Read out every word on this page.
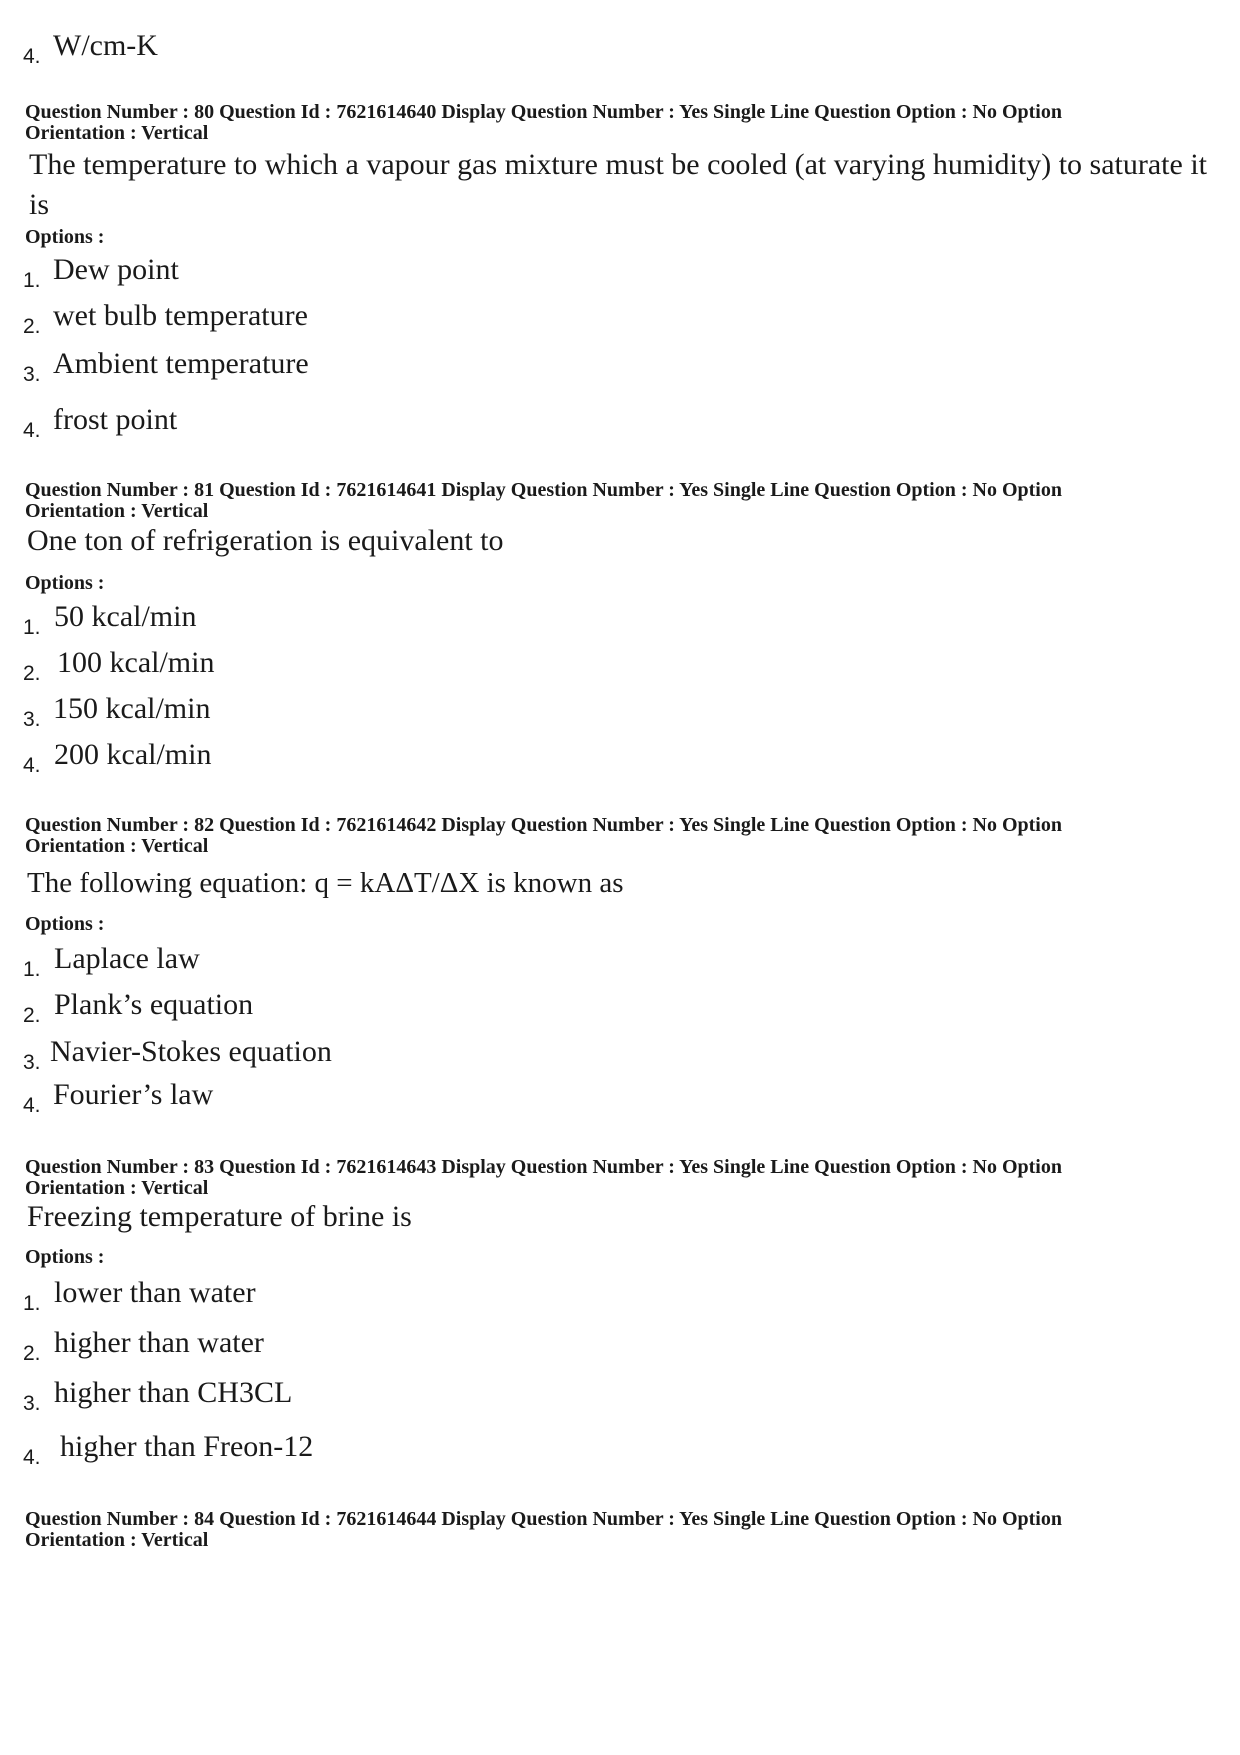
4. W/cm-K
Question Number : 80 Question Id : 7621614640 Display Question Number : Yes Single Line Question Option : No Option
Orientation : Vertical
The temperature to which a vapour gas mixture must be cooled (at varying humidity) to saturate it is
Options :
1. Dew point
2. wet bulb temperature
3. Ambient temperature
4. frost point
Question Number : 81 Question Id : 7621614641 Display Question Number : Yes Single Line Question Option : No Option
Orientation : Vertical
One ton of refrigeration is equivalent to
Options :
1. 50 kcal/min
2. 100 kcal/min
3. 150 kcal/min
4. 200 kcal/min
Question Number : 82 Question Id : 7621614642 Display Question Number : Yes Single Line Question Option : No Option
Orientation : Vertical
The following equation: q = kAΔT/ΔX is known as
Options :
1. Laplace law
2. Plank’s equation
3. Navier-Stokes equation
4. Fourier’s law
Question Number : 83 Question Id : 7621614643 Display Question Number : Yes Single Line Question Option : No Option
Orientation : Vertical
Freezing temperature of brine is
Options :
1. lower than water
2. higher than water
3. higher than CH3CL
4. higher than Freon-12
Question Number : 84 Question Id : 7621614644 Display Question Number : Yes Single Line Question Option : No Option
Orientation : Vertical
